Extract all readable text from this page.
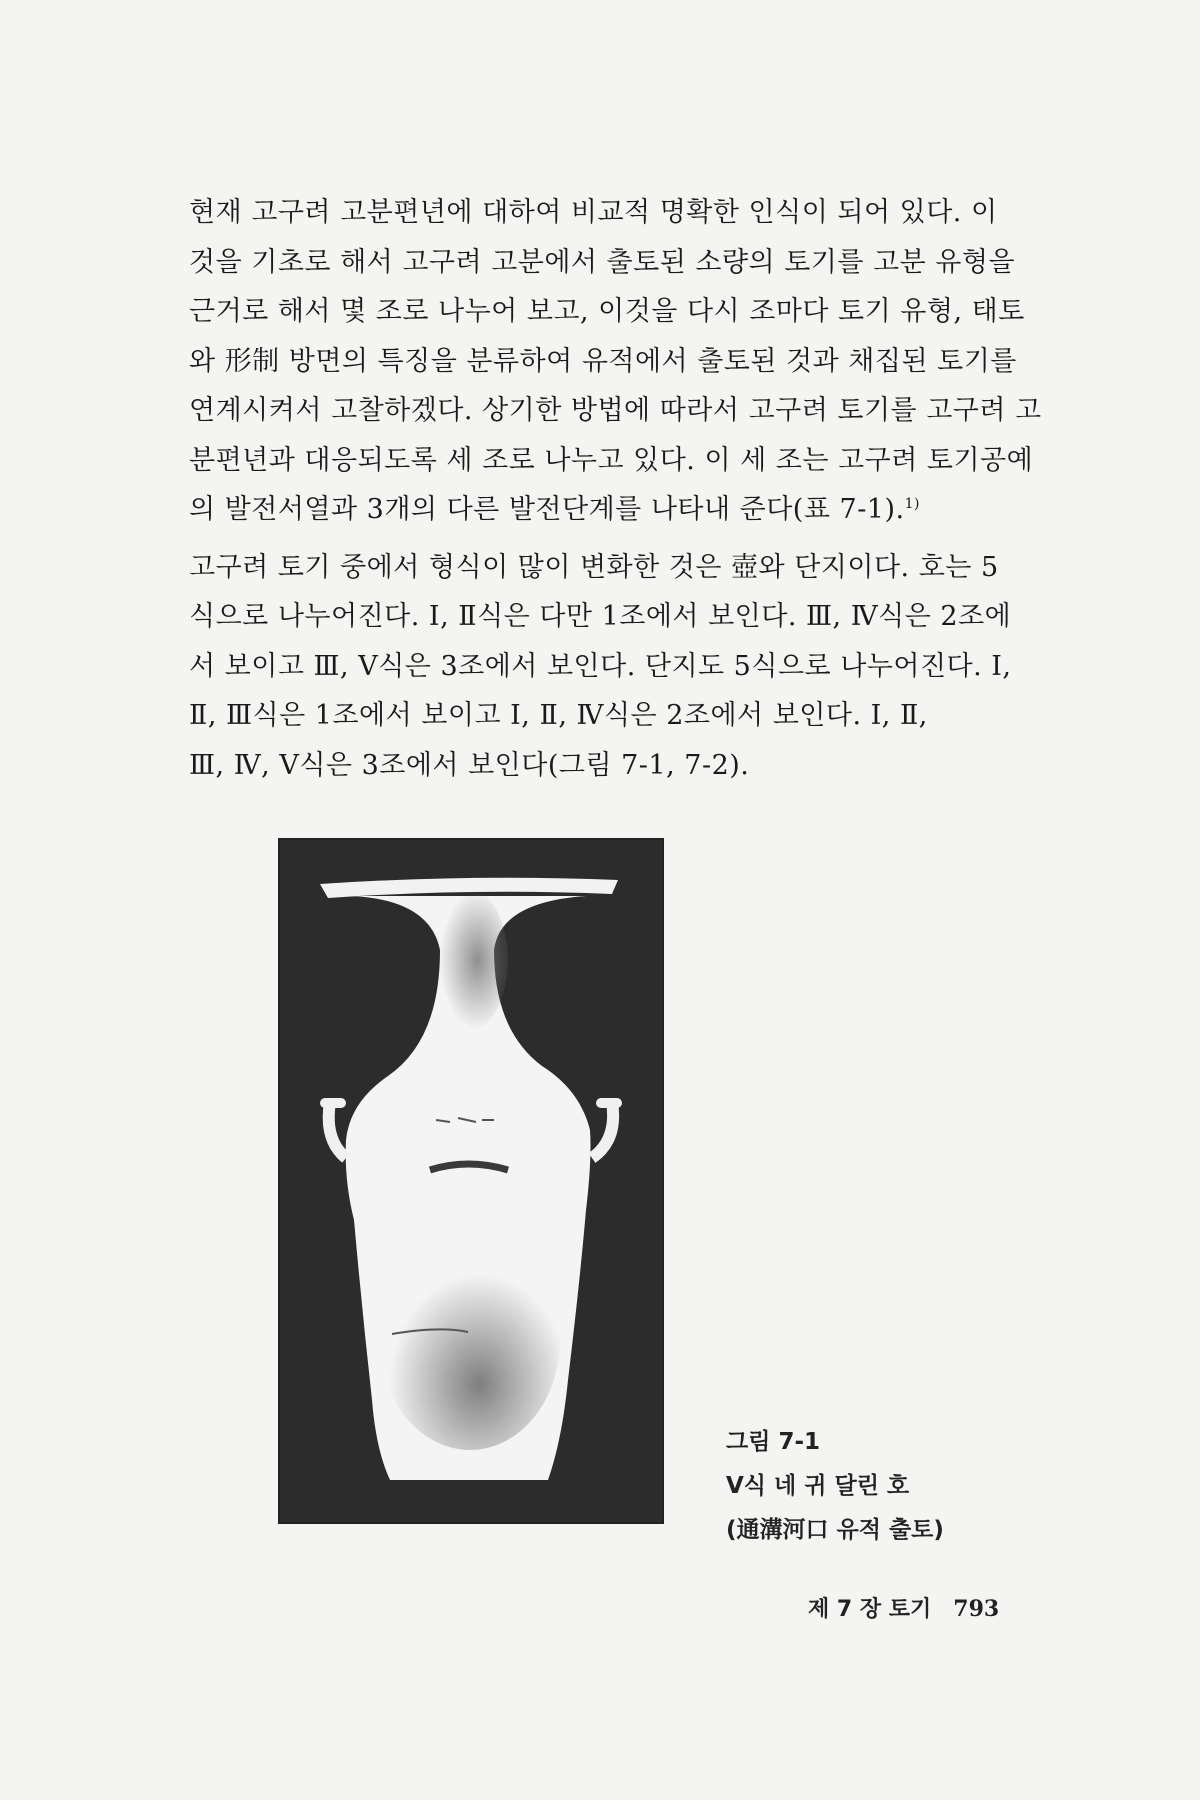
현재 고구려 고분편년에 대하여 비교적 명확한 인식이 되어 있다. 이
것을 기초로 해서 고구려 고분에서 출토된 소량의 토기를 고분 유형을
근거로 해서 몇 조로 나누어 보고, 이것을 다시 조마다 토기 유형, 태토
와 形制 방면의 특징을 분류하여 유적에서 출토된 것과 채집된 토기를
연계시켜서 고찰하겠다. 상기한 방법에 따라서 고구려 토기를 고구려 고
분편년과 대응되도록 세 조로 나누고 있다. 이 세 조는 고구려 토기공예
의 발전서열과 3개의 다른 발전단계를 나타내 준다(표 7-1).$^{1)}$

고구려 토기 중에서 형식이 많이 변화한 것은 壺와 단지이다. 호는 5
식으로 나누어진다. Ⅰ, Ⅱ식은 다만 1조에서 보인다. Ⅲ, Ⅳ식은 2조에
서 보이고 Ⅲ, Ⅴ식은 3조에서 보인다. 단지도 5식으로 나누어진다. Ⅰ,
Ⅱ, Ⅲ식은 1조에서 보이고 Ⅰ, Ⅱ, Ⅳ식은 2조에서 보인다. Ⅰ, Ⅱ,
Ⅲ, Ⅳ, Ⅴ식은 3조에서 보인다(그림 7-1, 7-2).

그림 7-1
V식 네 귀 달린 호
(通溝河口 유적 출토)
제 7 장 토기 793
